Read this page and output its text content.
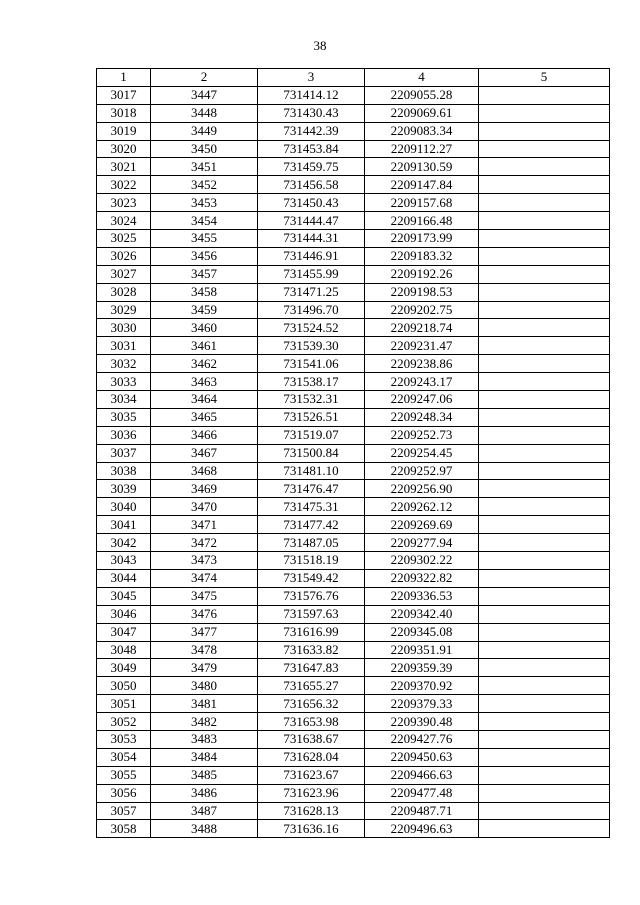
38
1	2	3	4	5
3017	3447	731414.12	2209055.28	
3018	3448	731430.43	2209069.61	
3019	3449	731442.39	2209083.34	
3020	3450	731453.84	2209112.27	
3021	3451	731459.75	2209130.59	
3022	3452	731456.58	2209147.84	
3023	3453	731450.43	2209157.68	
3024	3454	731444.47	2209166.48	
3025	3455	731444.31	2209173.99	
3026	3456	731446.91	2209183.32	
3027	3457	731455.99	2209192.26	
3028	3458	731471.25	2209198.53	
3029	3459	731496.70	2209202.75	
3030	3460	731524.52	2209218.74	
3031	3461	731539.30	2209231.47	
3032	3462	731541.06	2209238.86	
3033	3463	731538.17	2209243.17	
3034	3464	731532.31	2209247.06	
3035	3465	731526.51	2209248.34	
3036	3466	731519.07	2209252.73	
3037	3467	731500.84	2209254.45	
3038	3468	731481.10	2209252.97	
3039	3469	731476.47	2209256.90	
3040	3470	731475.31	2209262.12	
3041	3471	731477.42	2209269.69	
3042	3472	731487.05	2209277.94	
3043	3473	731518.19	2209302.22	
3044	3474	731549.42	2209322.82	
3045	3475	731576.76	2209336.53	
3046	3476	731597.63	2209342.40	
3047	3477	731616.99	2209345.08	
3048	3478	731633.82	2209351.91	
3049	3479	731647.83	2209359.39	
3050	3480	731655.27	2209370.92	
3051	3481	731656.32	2209379.33	
3052	3482	731653.98	2209390.48	
3053	3483	731638.67	2209427.76	
3054	3484	731628.04	2209450.63	
3055	3485	731623.67	2209466.63	
3056	3486	731623.96	2209477.48	
3057	3487	731628.13	2209487.71	
3058	3488	731636.16	2209496.63	
